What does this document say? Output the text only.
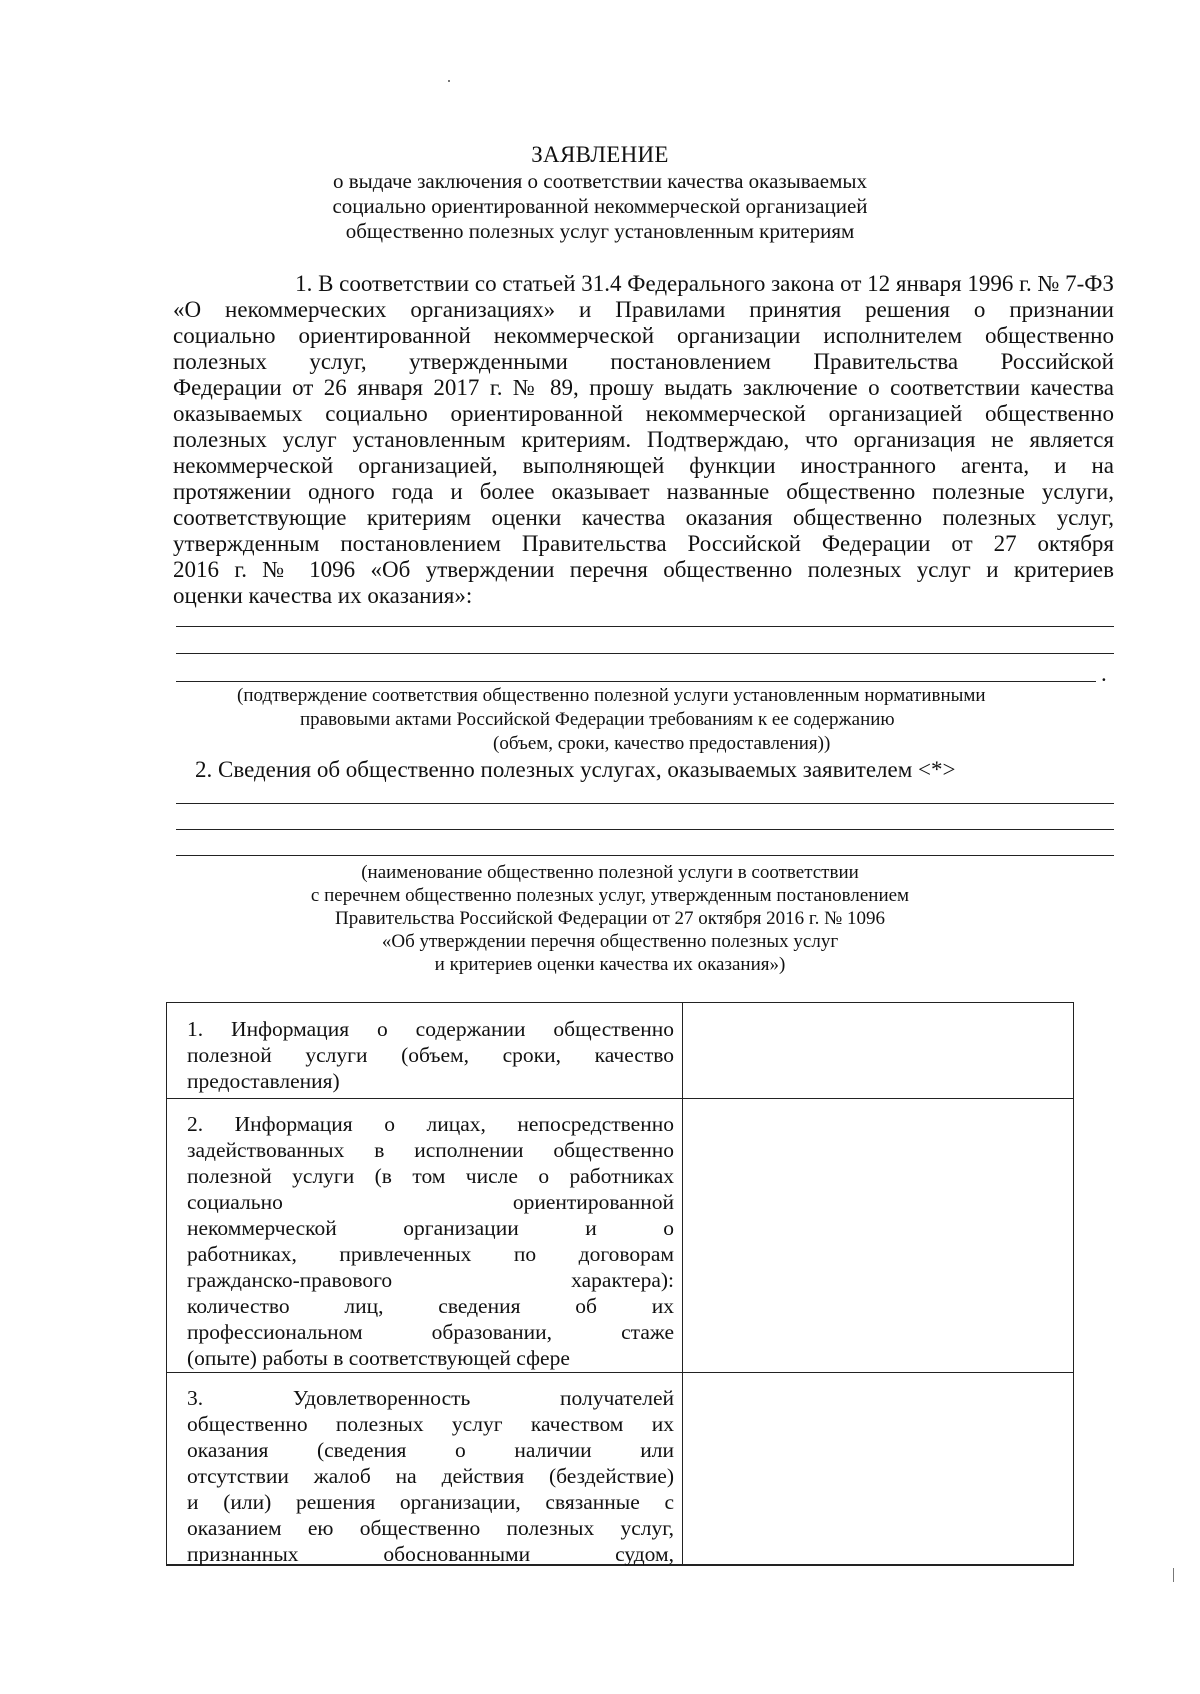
ЗАЯВЛЕНИЕ
о выдаче заключения о соответствии качества оказываемых
социально ориентированной некоммерческой организацией
общественно полезных услуг установленным критериям
1. В соответствии со статьей 31.4 Федерального закона от 12 января 1996 г. № 7-ФЗ
«О некоммерческих организациях» и Правилами принятия решения о признании
социально ориентированной некоммерческой организации исполнителем общественно
полезных услуг, утвержденными постановлением Правительства Российской
Федерации от 26 января 2017 г. № 89, прошу выдать заключение о соответствии качества
оказываемых социально ориентированной некоммерческой организацией общественно
полезных услуг установленным критериям. Подтверждаю, что организация не является
некоммерческой организацией, выполняющей функции иностранного агента, и на
протяжении одного года и более оказывает названные общественно полезные услуги,
соответствующие критериям оценки качества оказания общественно полезных услуг,
утвержденным постановлением Правительства Российской Федерации от 27 октября
2016 г. № 1096 «Об утверждении перечня общественно полезных услуг и критериев
оценки качества их оказания»:
.
(подтверждение соответствия общественно полезной услуги установленным нормативными
правовыми актами Российской Федерации требованиям к ее содержанию
(объем, сроки, качество предоставления))
2. Сведения об общественно полезных услугах, оказываемых заявителем <*>
(наименование общественно полезной услуги в соответствии
с перечнем общественно полезных услуг, утвержденным постановлением
Правительства Российской Федерации от 27 октября 2016 г. № 1096
«Об утверждении перечня общественно полезных услуг
и критериев оценки качества их оказания»)
1. Информация о содержании общественно
полезной услуги (объем, сроки, качество
предоставления)
2. Информация о лицах, непосредственно
задействованных в исполнении общественно
полезной услуги (в том числе о работниках
социально ориентированной
некоммерческой организации и о
работниках, привлеченных по договорам
гражданско-правового характера):
количество лиц, сведения об их
профессиональном образовании, стаже
(опыте) работы в соответствующей сфере
3. Удовлетворенность получателей
общественно полезных услуг качеством их
оказания (сведения о наличии или
отсутствии жалоб на действия (бездействие)
и (или) решения организации, связанные с
оказанием ею общественно полезных услуг,
признанных обоснованными судом,
